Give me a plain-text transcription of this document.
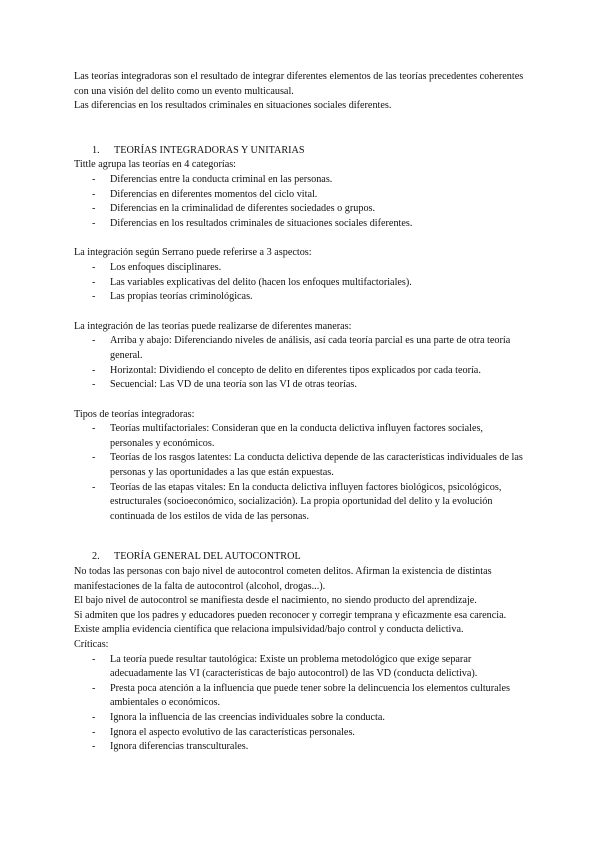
Las teorías integradoras son el resultado de integrar diferentes elementos de las teorías precedentes coherentes con una visión del delito como un evento multicausal.

Las diferencias en los resultados criminales en situaciones sociales diferentes.

1.	TEORÍAS INTEGRADORAS Y UNITARIAS

Tittle agrupa las teorías en 4 categorías:

- Diferencias entre la conducta criminal en las personas.
- Diferencias en diferentes momentos del ciclo vital.
- Diferencias en la criminalidad de diferentes sociedades o grupos.
- Diferencias en los resultados criminales de situaciones sociales diferentes.

La integración según Serrano puede referirse a 3 aspectos:

- Los enfoques disciplinares.
- Las variables explicativas del delito (hacen los enfoques multifactoriales).
- Las propias teorías criminológicas.

La integración de las teorías puede realizarse de diferentes maneras:

- Arriba y abajo: Diferenciando niveles de análisis, así cada teoría parcial es una parte de otra teoría general.
- Horizontal: Dividiendo el concepto de delito en diferentes tipos explicados por cada teoría.
- Secuencial: Las VD de una teoría son las VI de otras teorías.

Tipos de teorías integradoras:

- Teorías multifactoriales: Consideran que en la conducta delictiva influyen factores sociales, personales y económicos.
- Teorías de los rasgos latentes: La conducta delictiva depende de las características individuales de las personas y las oportunidades a las que están expuestas.
- Teorías de las etapas vitales: En la conducta delictiva influyen factores biológicos, psicológicos, estructurales (socioeconómico, socialización). La propia oportunidad del delito y la evolución continuada de los estilos de vida de las personas.
2.	TEORÍA GENERAL DEL AUTOCONTROL

No todas las personas con bajo nivel de autocontrol cometen delitos. Afirman la existencia de distintas manifestaciones de la falta de autocontrol (alcohol, drogas...).

El bajo nivel de autocontrol se manifiesta desde el nacimiento, no siendo producto del aprendizaje.

Si admiten que los padres y educadores pueden reconocer y corregir temprana y eficazmente esa carencia.

Existe amplia evidencia científica que relaciona impulsividad/bajo control y conducta delictiva.

Críticas:

- La teoría puede resultar tautológica: Existe un problema metodológico que exige separar adecuadamente las VI (características de bajo autocontrol) de las VD (conducta delictiva).
- Presta poca atención a la influencia que puede tener sobre la delincuencia los elementos culturales ambientales o económicos.
- Ignora la influencia de las creencias individuales sobre la conducta.
- Ignora el aspecto evolutivo de las características personales.
- Ignora diferencias transculturales.
